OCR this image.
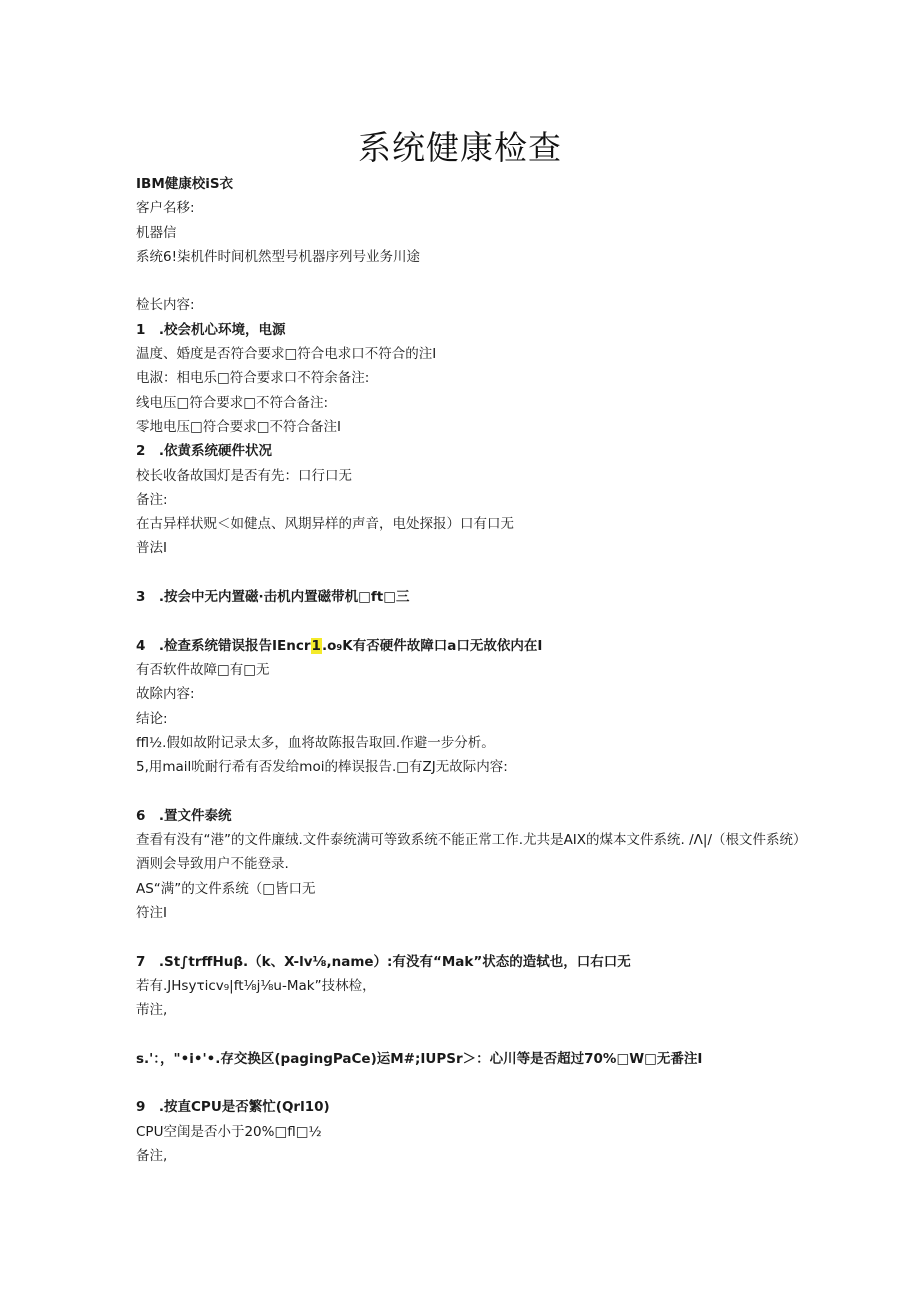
系统健康检查

IBM健康校iS衣

客户名移:

机器信

系统6!柒机件时间机然型号机器序列号业务川途

检长内容:

1　.校会机心环境，电源

温度、婚度是否符合要求□符合电求口不符合的注I

电淑：相电乐□符合要求口不符余备注:

线电压□符合要求□不符合备注:

零地电压□符合要求□不符合备注I

2　.依黄系统硬件状况

校长收备故国灯是否有先：口行口无

备注:

在古异样状贶＜如健点、风期异样的声音，电处探报）口有口无

普法I

3　.按会中无内置磁·击机内置磁带机□ft□三

4　.检查系统错误报告IEncr1.o₉K有否硬件故障口a口无故依内在I

有否软件故障□有□无

故除内容:

结论:

ffl½.假如故附记录太多，血将故陈报告取回.作避一步分析。

5,用mail吮耐行希有否发给moi的棒误报告.□有ZJ无故际内容:

6　.置文件泰统

查看有没有“港”的文件廉绒.文件泰统满可等致系统不能正常工作.尤共是AIX的煤本文件系统. /Λ|/（根文件系统）

酒则会导致用户不能登录.

AS“满”的文件系统（□皆口无

符注I

7　.St∫trffHuβ.（k、X-lv⅛,name）:有没有“Mak”状态的造轼也，口右口无

若有.JHsyτicv₉|ft⅛j⅛u-Mak”技林检，

芾注,

s.'：，"•i•'•.存交换区(pagingPaCe)运M#;IUPSr＞：心川等是否超过70%□W□无番注I

9　.按直CPU是否繁忙(Qrl10)

CPU空闺是否小于20%□fl□½

备注,
